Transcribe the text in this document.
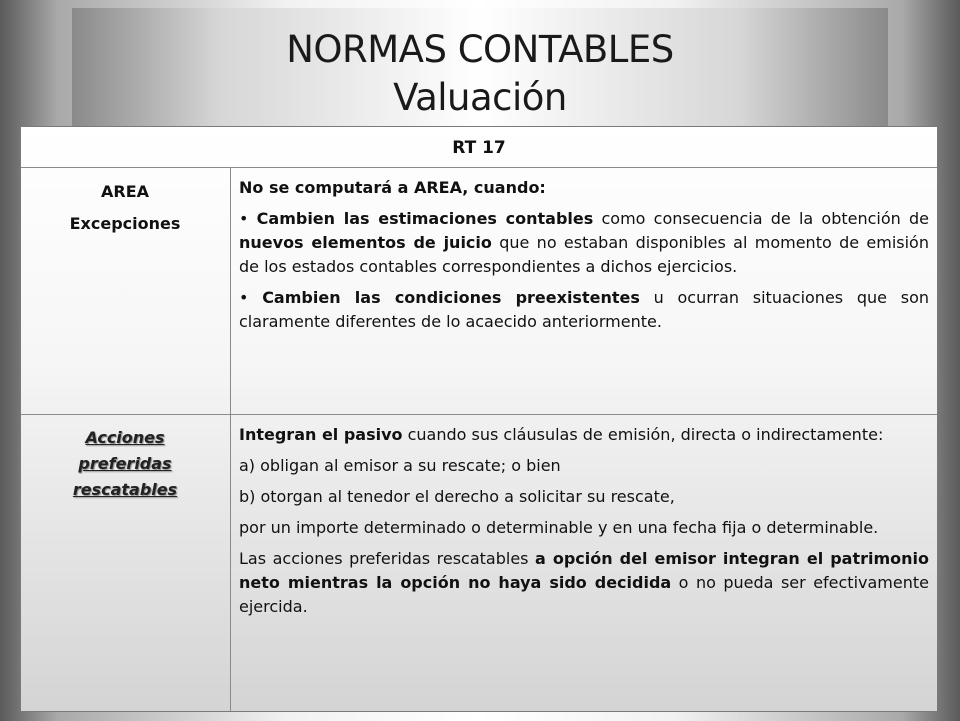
NORMAS CONTABLES
Valuación
RT 17
AREA
Excepciones

No se computará a AREA, cuando:

• Cambien las estimaciones contables como consecuencia de la obtención de nuevos elementos de juicio que no estaban disponibles al momento de emisión de los estados contables correspondientes a dichos ejercicios.

• Cambien las condiciones preexistentes u ocurran situaciones que son claramente diferentes de lo acaecido anteriormente.

Acciones
preferidas
rescatables

Integran el pasivo cuando sus cláusulas de emisión, directa o indirectamente:

a) obligan al emisor a su rescate; o bien

b) otorgan al tenedor el derecho a solicitar su rescate,

por un importe determinado o determinable y en una fecha fija o determinable.

Las acciones preferidas rescatables a opción del emisor integran el patrimonio neto mientras la opción no haya sido decidida o no pueda ser efectivamente ejercida.
